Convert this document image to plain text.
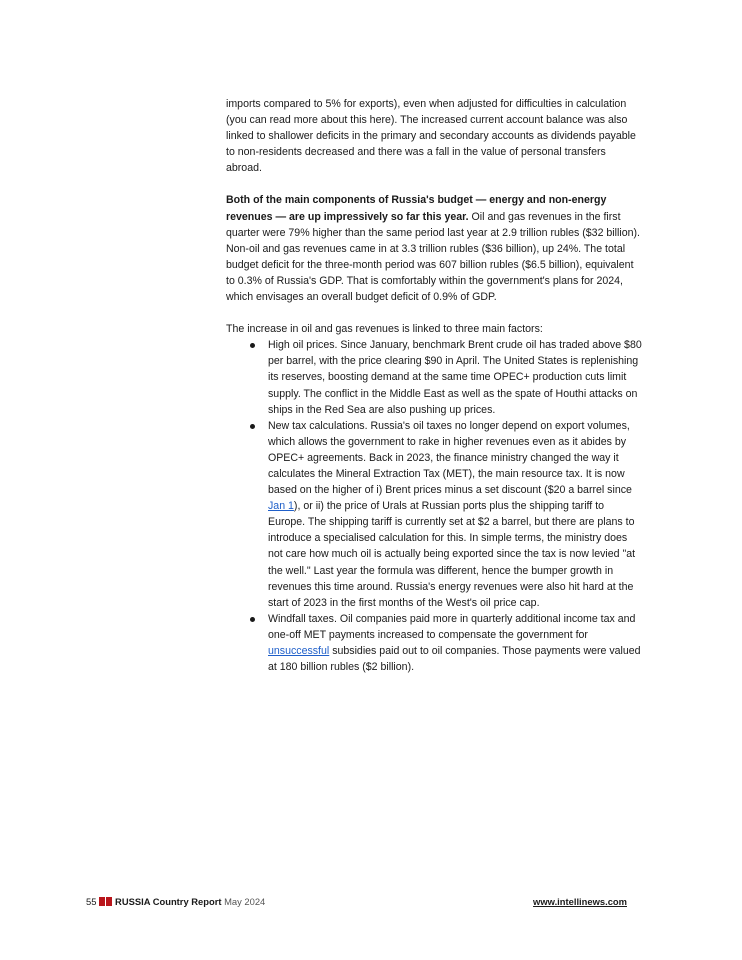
imports compared to 5% for exports), even when adjusted for difficulties in calculation (you can read more about this here). The increased current account balance was also linked to shallower deficits in the primary and secondary accounts as dividends payable to non-residents decreased and there was a fall in the value of personal transfers abroad.

Both of the main components of Russia's budget — energy and non-energy revenues — are up impressively so far this year. Oil and gas revenues in the first quarter were 79% higher than the same period last year at 2.9 trillion rubles ($32 billion). Non-oil and gas revenues came in at 3.3 trillion rubles ($36 billion), up 24%. The total budget deficit for the three-month period was 607 billion rubles ($6.5 billion), equivalent to 0.3% of Russia's GDP. That is comfortably within the government's plans for 2024, which envisages an overall budget deficit of 0.9% of GDP.

The increase in oil and gas revenues is linked to three main factors:

High oil prices. Since January, benchmark Brent crude oil has traded above $80 per barrel, with the price clearing $90 in April. The United States is replenishing its reserves, boosting demand at the same time OPEC+ production cuts limit supply. The conflict in the Middle East as well as the spate of Houthi attacks on ships in the Red Sea are also pushing up prices.
New tax calculations. Russia's oil taxes no longer depend on export volumes, which allows the government to rake in higher revenues even as it abides by OPEC+ agreements. Back in 2023, the finance ministry changed the way it calculates the Mineral Extraction Tax (MET), the main resource tax. It is now based on the higher of i) Brent prices minus a set discount ($20 a barrel since Jan 1), or ii) the price of Urals at Russian ports plus the shipping tariff to Europe. The shipping tariff is currently set at $2 a barrel, but there are plans to introduce a specialised calculation for this. In simple terms, the ministry does not care how much oil is actually being exported since the tax is now levied "at the well." Last year the formula was different, hence the bumper growth in revenues this time around. Russia's energy revenues were also hit hard at the start of 2023 in the first months of the West's oil price cap.
Windfall taxes. Oil companies paid more in quarterly additional income tax and one-off MET payments increased to compensate the government for unsuccessful subsidies paid out to oil companies. Those payments were valued at 180 billion rubles ($2 billion).
55 RUSSIA Country Report May 2024	www.intellinews.com
